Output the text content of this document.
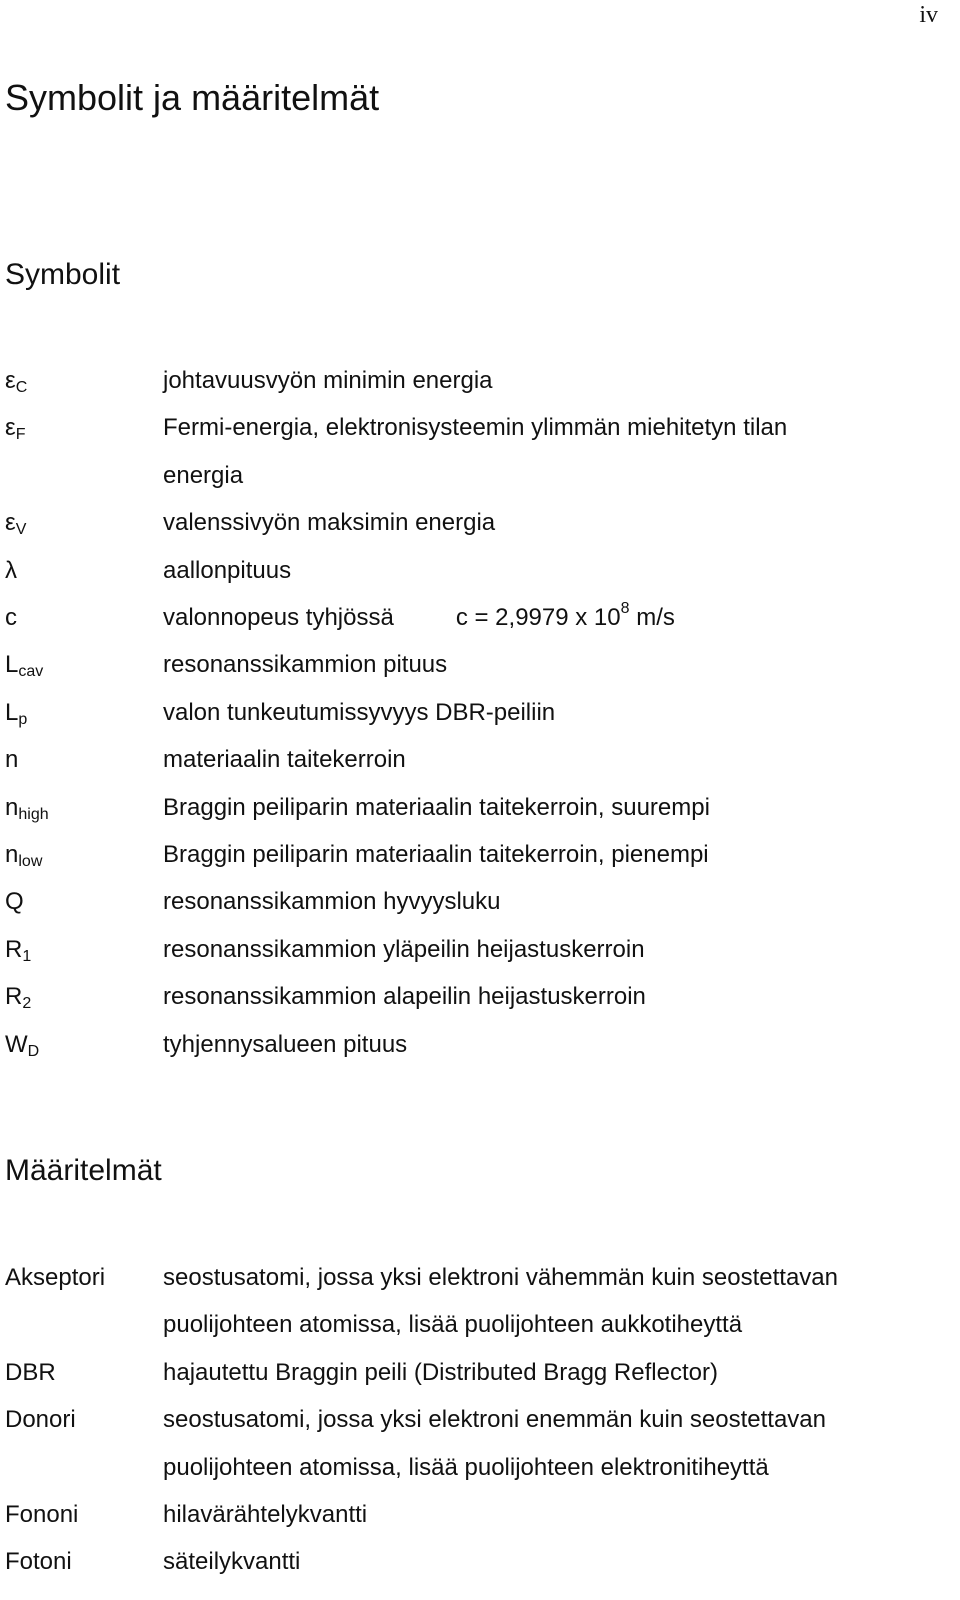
iv
Symbolit ja määritelmät
Symbolit
$\varepsilon_C$	johtavuusvyön minimin energia
$\varepsilon_F$	Fermi-energia, elektronisysteemin ylimmän miehitetyn tilan
energia
$\varepsilon_V$	valenssivyön maksimin energia
λ	aallonpituus
c	valonnopeus tyhjössä	c = 2,9979 x $10^8$ m/s
$L_{cav}$	resonanssikammion pituus
$L_p$	valon tunkeutumissyvyys DBR-peiliin
n	materiaalin taitekerroin
$n_{high}$	Braggin peiliparin materiaalin taitekerroin, suurempi
$n_{low}$	Braggin peiliparin materiaalin taitekerroin, pienempi
Q	resonanssikammion hyvyysluku
$R_1$	resonanssikammion yläpeilin heijastuskerroin
$R_2$	resonanssikammion alapeilin heijastuskerroin
$W_D$	tyhjennysalueen pituus
Määritelmät
Akseptori	seostusatomi, jossa yksi elektroni vähemmän kuin seostettavan
puolijohteen atomissa, lisää puolijohteen aukkotiheyttä
DBR	hajautettu Braggin peili (Distributed Bragg Reflector)
Donori	seostusatomi, jossa yksi elektroni enemmän kuin seostettavan
puolijohteen atomissa, lisää puolijohteen elektronitiheyttä
Fononi	hilavärähtelykvantti
Fotoni	säteilykvantti
